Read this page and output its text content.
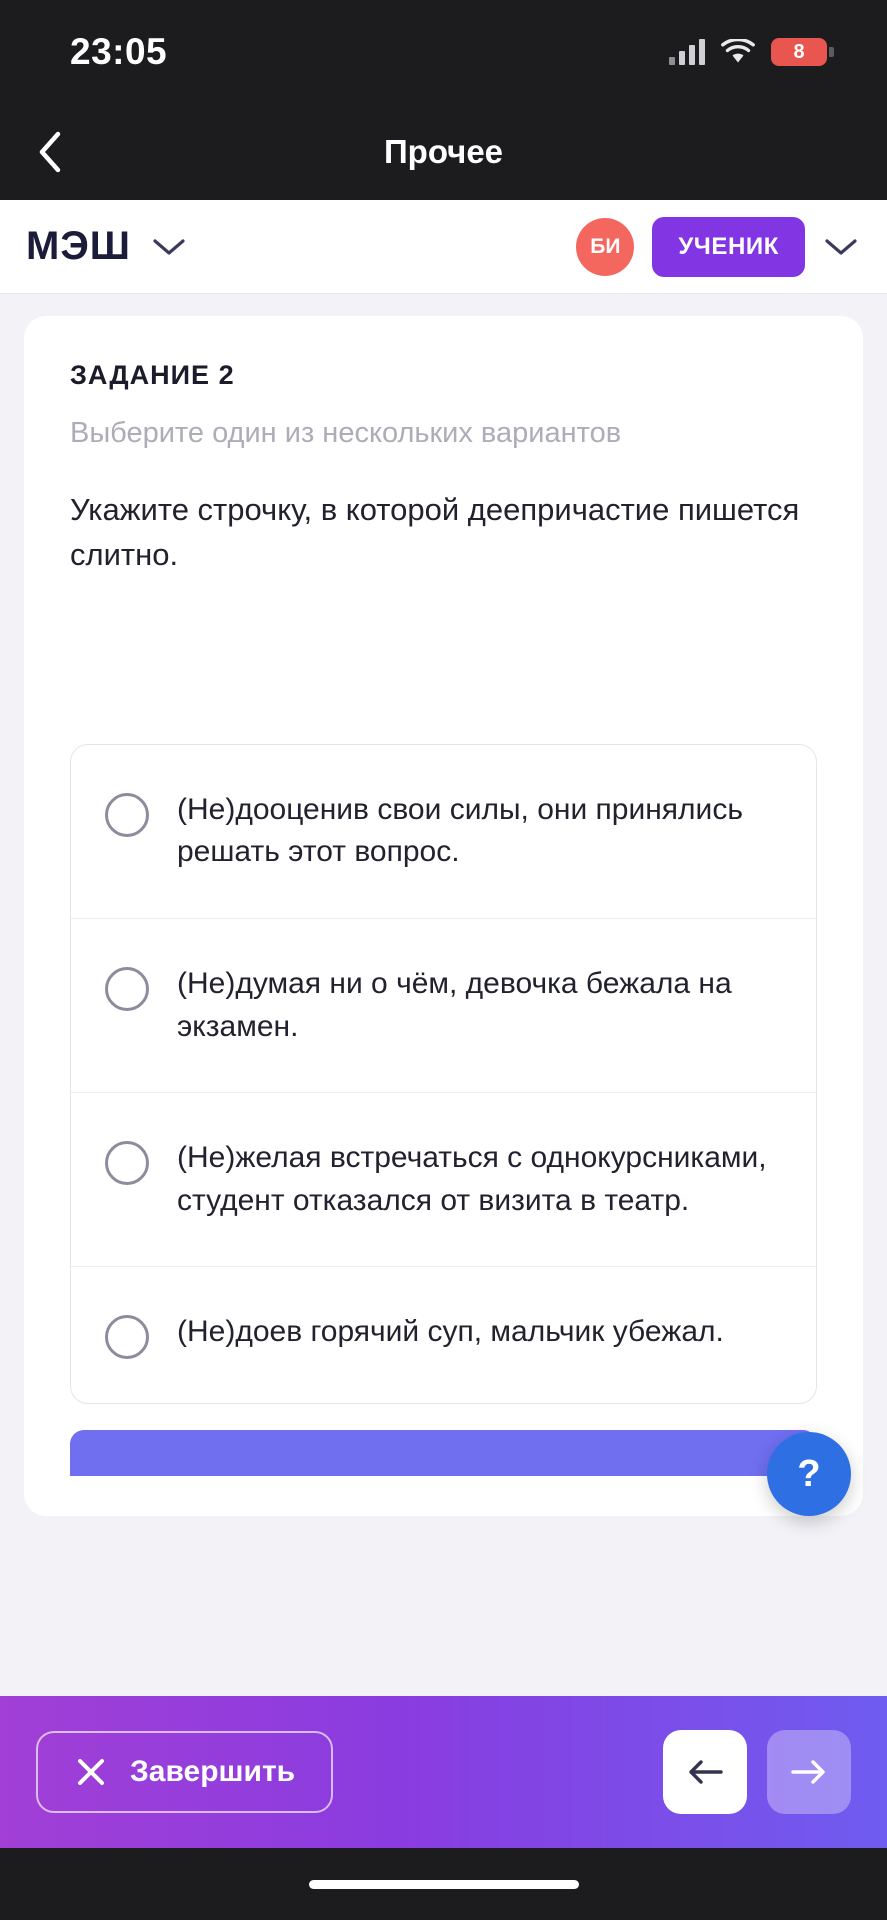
23:05	8
Прочее
МЭШ	БИ	УЧЕНИК
ЗАДАНИЕ 2
Выберите один из нескольких вариантов
Укажите строчку, в которой деепричастие пишется слитно.
(Не)дооценив свои силы, они принялись решать этот вопрос.
(Не)думая ни о чём, девочка бежала на экзамен.
(Не)желая встречаться с однокурсниками, студент отказался от визита в театр.
(Не)доев горячий суп, мальчик убежал.
?
Завершить
